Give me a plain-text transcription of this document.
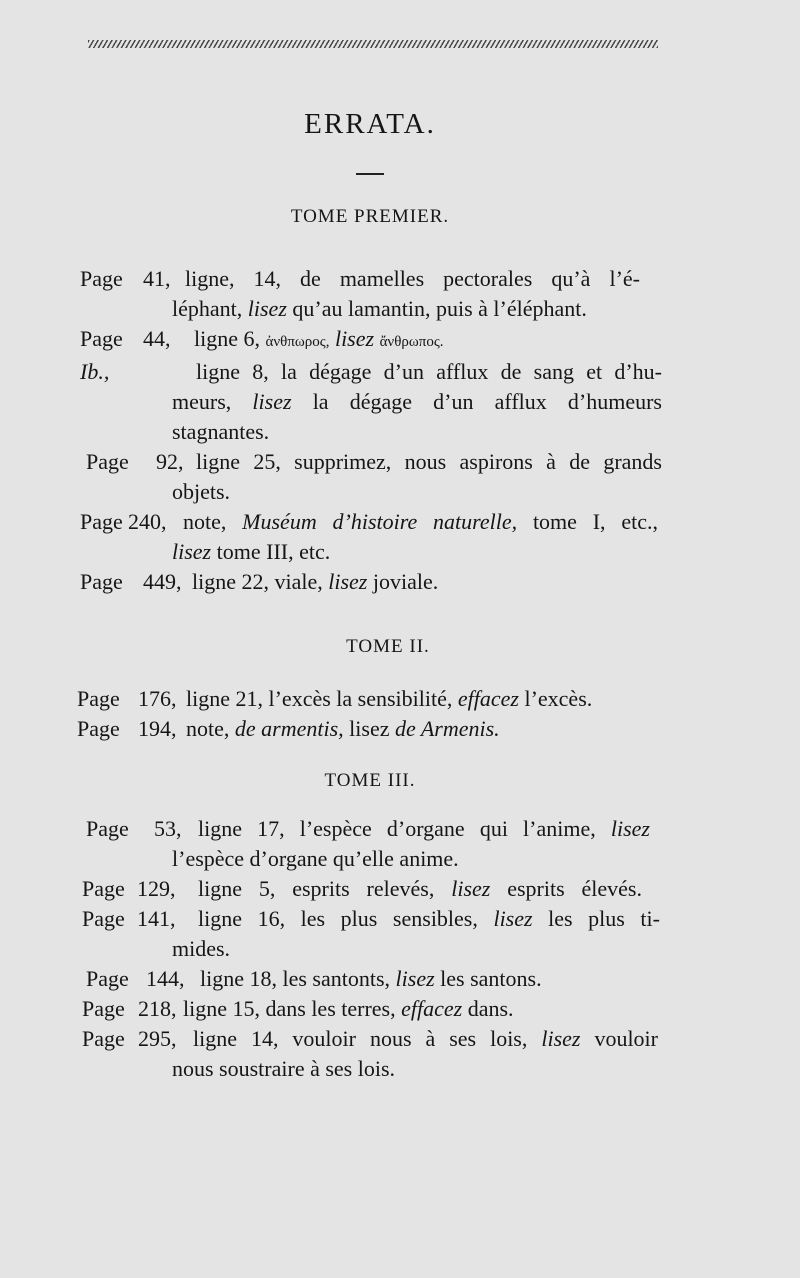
ERRATA.
TOME PREMIER.
Page 41, ligne, 14, de mamelles pectorales qu’à l’é-
léphant, lisez qu’au lamantin, puis à l’éléphant.
Page 44, ligne 6, ἀνθπωρος, lisez ἄνθρωπος.
Ib.,	ligne 8, la dégage d’un afflux de sang et d’hu-
meurs, lisez la dégage d’un afflux d’humeurs
stagnantes.
Page 92, ligne 25, supprimez, nous aspirons à de grands
objets.
Page 240, note, Muséum d’histoire naturelle, tome I, etc.,
lisez tome III, etc.
Page 449, ligne 22, viale, lisez joviale.
TOME II.
Page 176, ligne 21, l’excès la sensibilité, effacez l’excès.
Page 194, note, de armentis, lisez de Armenis.
TOME III.
Page 53, ligne 17, l’espèce d’organe qui l’anime, lisez
l’espèce d’organe qu’elle anime.
Page 129, ligne 5, esprits relevés, lisez esprits élevés.
Page 141, ligne 16, les plus sensibles, lisez les plus ti-
mides.
Page 144, ligne 18, les santonts, lisez les santons.
Page 218, ligne 15, dans les terres, effacez dans.
Page 295, ligne 14, vouloir nous à ses lois, lisez vouloir
nous soustraire à ses lois.
